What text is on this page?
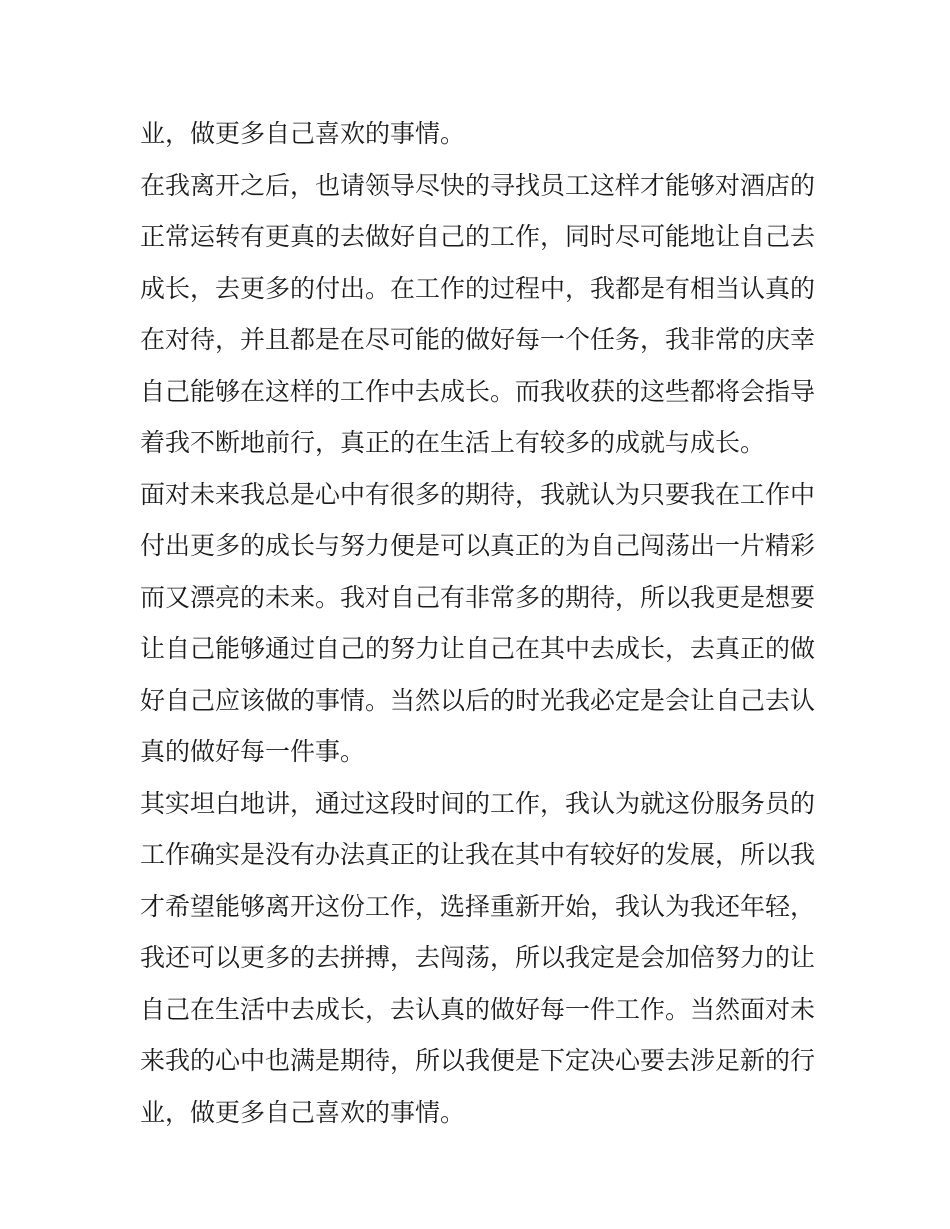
业，做更多自己喜欢的事情。
在我离开之后，也请领导尽快的寻找员工这样才能够对酒店的
正常运转有更真的去做好自己的工作，同时尽可能地让自己去
成长，去更多的付出。在工作的过程中，我都是有相当认真的
在对待，并且都是在尽可能的做好每一个任务，我非常的庆幸
自己能够在这样的工作中去成长。而我收获的这些都将会指导
着我不断地前行，真正的在生活上有较多的成就与成长。
面对未来我总是心中有很多的期待，我就认为只要我在工作中
付出更多的成长与努力便是可以真正的为自己闯荡出一片精彩
而又漂亮的未来。我对自己有非常多的期待，所以我更是想要
让自己能够通过自己的努力让自己在其中去成长，去真正的做
好自己应该做的事情。当然以后的时光我必定是会让自己去认
真的做好每一件事。
其实坦白地讲，通过这段时间的工作，我认为就这份服务员的
工作确实是没有办法真正的让我在其中有较好的发展，所以我
才希望能够离开这份工作，选择重新开始，我认为我还年轻，
我还可以更多的去拼搏，去闯荡，所以我定是会加倍努力的让
自己在生活中去成长，去认真的做好每一件工作。当然面对未
来我的心中也满是期待，所以我便是下定决心要去涉足新的行
业，做更多自己喜欢的事情。
